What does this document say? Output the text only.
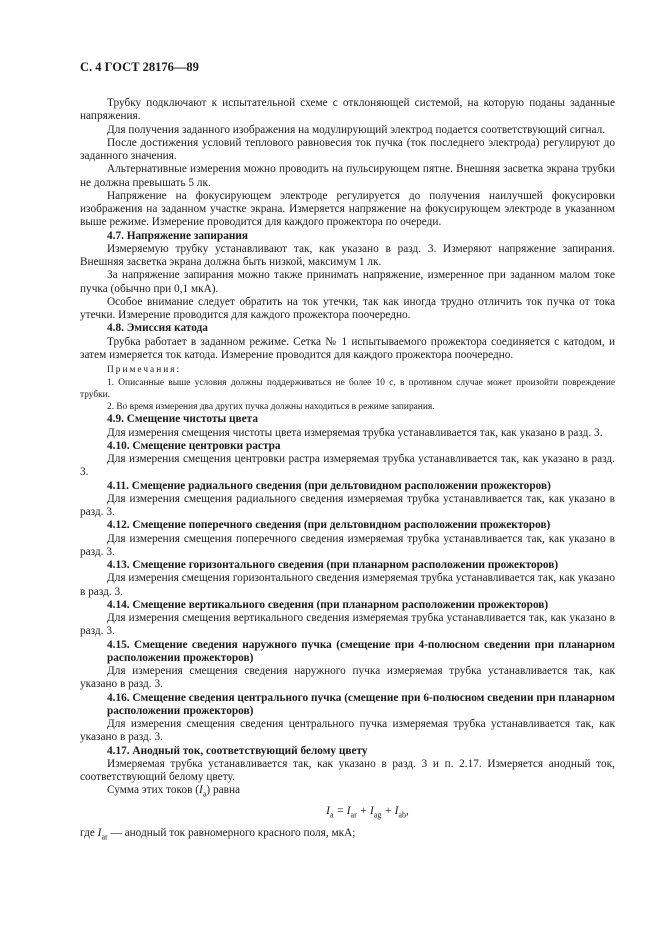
С. 4 ГОСТ 28176—89

Трубку подключают к испытательной схеме с отклоняющей системой, на которую поданы заданные напряжения.

Для получения заданного изображения на модулирующий электрод подается соответствующий сигнал.

После достижения условий теплового равновесия ток пучка (ток последнего электрода) регулируют до заданного значения.

Альтернативные измерения можно проводить на пульсирующем пятне. Внешняя засветка экрана трубки не должна превышать 5 лк.

Напряжение на фокусирующем электроде регулируется до получения наилучшей фокусировки изображения на заданном участке экрана. Измеряется напряжение на фокусирующем электроде в указанном выше режиме. Измерение проводится для каждого прожектора по очереди.

4.7. Напряжение запирания

Измеряемую трубку устанавливают так, как указано в разд. 3. Измеряют напряжение запирания. Внешняя засветка экрана должна быть низкой, максимум 1 лк.

За напряжение запирания можно также принимать напряжение, измеренное при заданном малом токе пучка (обычно при 0,1 мкА).

Особое внимание следует обратить на ток утечки, так как иногда трудно отличить ток пучка от тока утечки. Измерение проводится для каждого прожектора поочередно.

4.8. Эмиссия катода

Трубка работает в заданном режиме. Сетка № 1 испытываемого прожектора соединяется с катодом, и затем измеряется ток катода. Измерение проводится для каждого прожектора поочередно.

Примечания:

1. Описанные выше условия должны поддерживаться не более 10 с, в противном случае может произойти повреждение трубки.

2. Во время измерения два других пучка должны находиться в режиме запирания.

4.9. Смещение чистоты цвета

Для измерения смещения чистоты цвета измеряемая трубка устанавливается так, как указано в разд. 3.

4.10. Смещение центровки растра

Для измерения смещения центровки растра измеряемая трубка устанавливается так, как указано в разд. 3.

4.11. Смещение радиального сведения (при дельтовидном расположении прожекторов)

Для измерения смещения радиального сведения измеряемая трубка устанавливается так, как указано в разд. 3.

4.12. Смещение поперечного сведения (при дельтовидном расположении прожекторов)

Для измерения смещения поперечного сведения измеряемая трубка устанавливается так, как указано в разд. 3.

4.13. Смещение горизонтального сведения (при планарном расположении прожекторов)

Для измерения смещения горизонтального сведения измеряемая трубка устанавливается так, как указано в разд. 3.

4.14. Смещение вертикального сведения (при планарном расположении прожекторов)

Для измерения смещения вертикального сведения измеряемая трубка устанавливается так, как указано в разд. 3.

4.15. Смещение сведения наружного пучка (смещение при 4-полюсном сведении при планарном расположении прожекторов)

Для измерения смещения сведения наружного пучка измеряемая трубка устанавливается так, как указано в разд. 3.

4.16. Смещение сведения центрального пучка (смещение при 6-полюсном сведении при планарном расположении прожекторов)

Для измерения смещения сведения центрального пучка измеряемая трубка устанавливается так, как указано в разд. 3.

4.17. Анодный ток, соответствующий белому цвету

Измеряемая трубка устанавливается так, как указано в разд. 3 и п. 2.17. Измеряется анодный ток, соответствующий белому цвету.

Сумма этих токов $(I_a)$ равна

$I_a = I_{ar} + I_{ag} + I_{ab}$,

где $I_{ar}$ — анодный ток равномерного красного поля, мкА;
